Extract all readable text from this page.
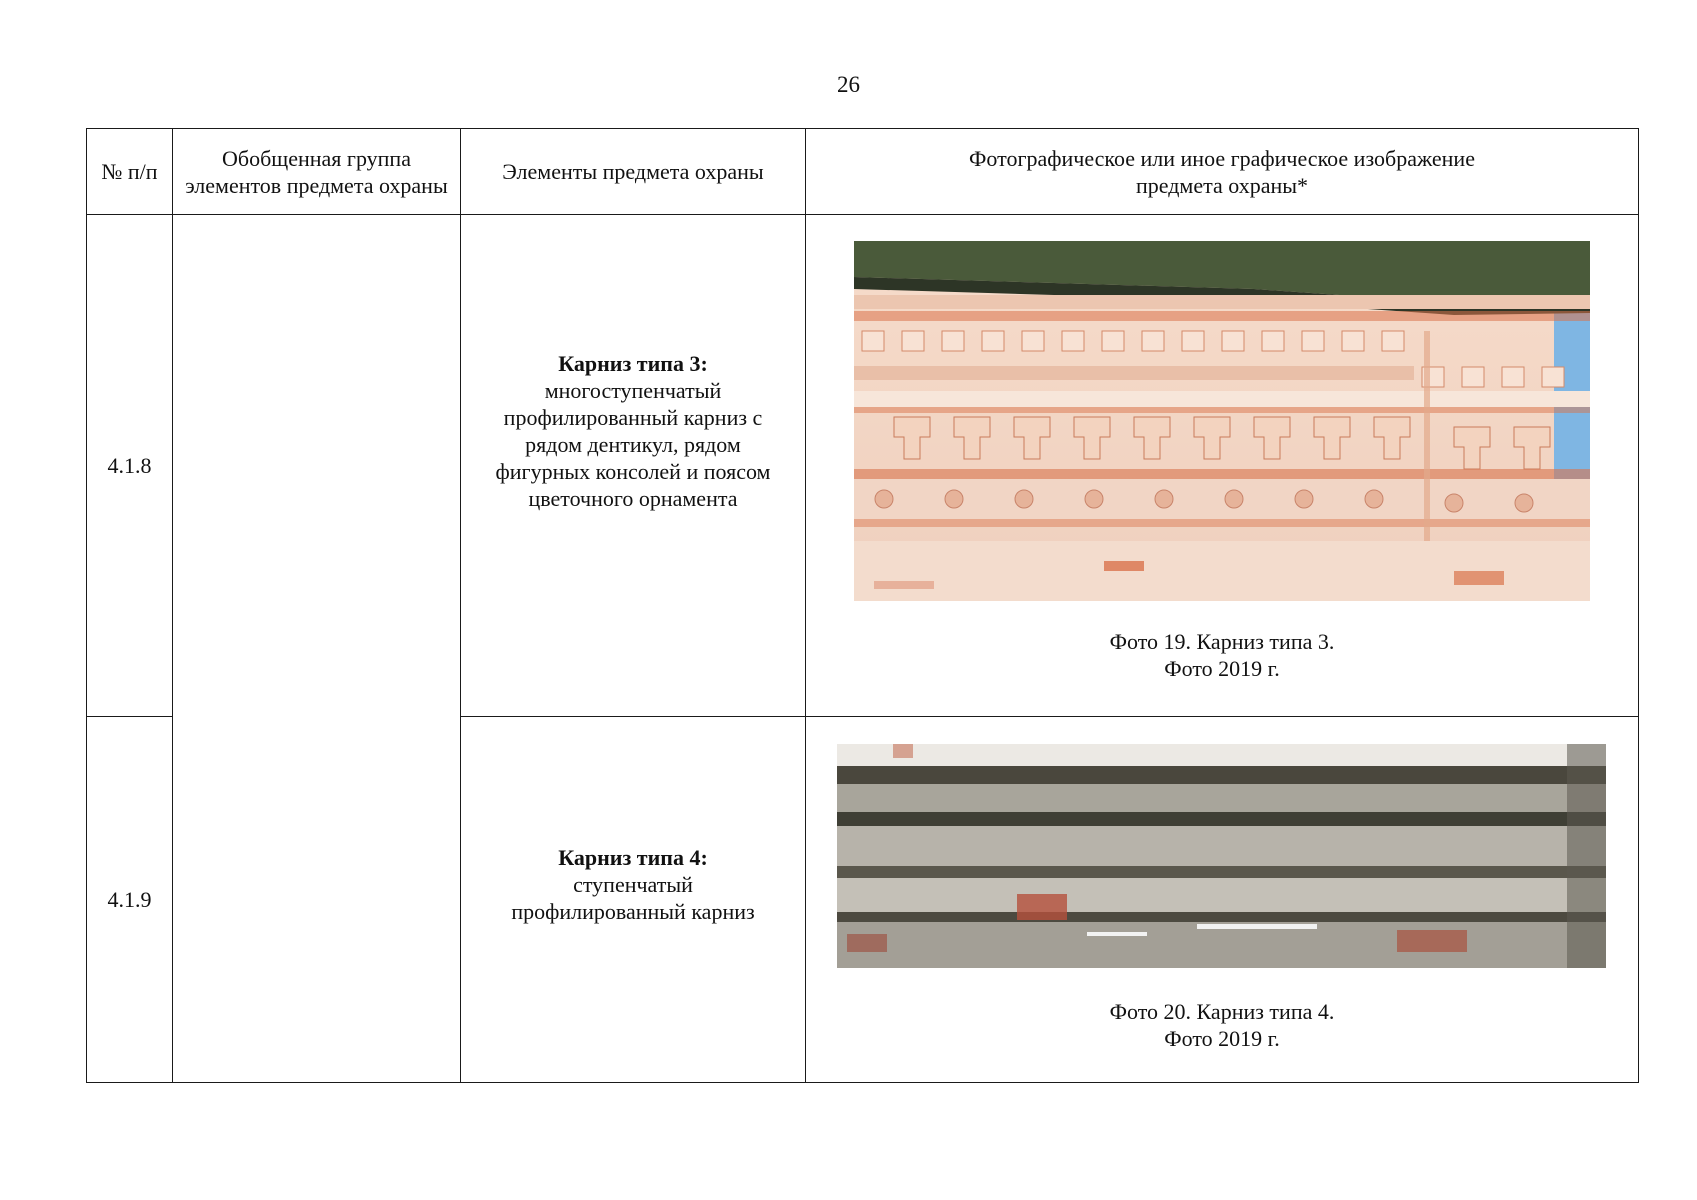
26
№ п/п	Обобщенная группа элементов предмета охраны	Элементы предмета охраны	Фотографическое или иное графическое изображение предмета охраны*
4.1.8		Карниз типа 3:
многоступенчатый профилированный карниз с рядом дентикул, рядом фигурных консолей и поясом цветочного орнамента	Фото 19. Карниз типа 3.
Фото 2019 г.

4.1.9		Карниз типа 4:
ступенчатый профилированный карниз	Фото 20. Карниз типа 4.
Фото 2019 г.
